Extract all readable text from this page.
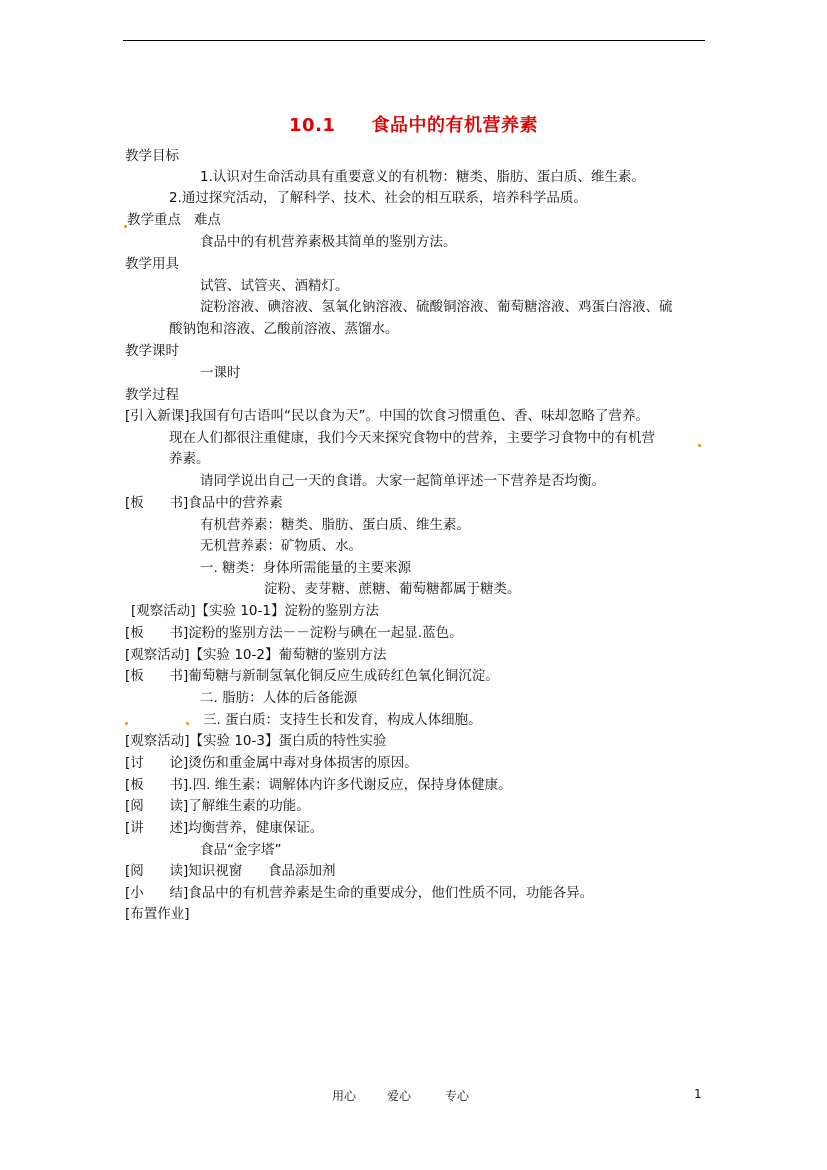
10.1 食品中的有机营养素
教学目标
1.认识对生命活动具有重要意义的有机物：糖类、脂肪、蛋白质、维生素。
2.通过探究活动，了解科学、技术、社会的相互联系，培养科学品质。
教学重点   难点
食品中的有机营养素极其简单的鉴别方法。
教学用具
试管、试管夹、酒精灯。
淀粉溶液、碘溶液、氢氧化钠溶液、硫酸铜溶液、葡萄糖溶液、鸡蛋白溶液、硫
酸钠饱和溶液、乙酸前溶液、蒸馏水。
教学课时
一课时
教学过程
[引入新课]我国有句古语叫“民以食为天”。中国的饮食习惯重色、香、味却忽略了营养。
现在人们都很注重健康，我们今天来探究食物中的营养，主要学习食物中的有机营
养素。
请同学说出自己一天的食谱。大家一起简单评述一下营养是否均衡。
[板      书]食品中的营养素
有机营养素：糖类、脂肪、蛋白质、维生素。
无机营养素：矿物质、水。
一. 糖类：身体所需能量的主要来源
淀粉、麦芽糖、蔗糖、葡萄糖都属于糖类。
[观察活动]【实验 10-1】淀粉的鉴别方法
[板      书]淀粉的鉴别方法－－淀粉与碘在一起显.蓝色。
[观察活动]【实验 10-2】葡萄糖的鉴别方法
[板      书]葡萄糖与新制氢氧化铜反应生成砖红色氧化铜沉淀。
二. 脂肪：人体的后备能源
三. 蛋白质：支持生长和发育，构成人体细胞。
[观察活动]【实验 10-3】蛋白质的特性实验
[讨      论]烫伤和重金属中毒对身体损害的原因。
[板      书].四. 维生素：调解体内许多代谢反应，保持身体健康。
[阅      读]了解维生素的功能。
[讲      述]均衡营养，健康保证。
食品“金字塔”
[阅      读]知识视窗      食品添加剂
[小      结]食品中的有机营养素是生命的重要成分，他们性质不同，功能各异。
[布置作业]
用心	爱心	专心	1
